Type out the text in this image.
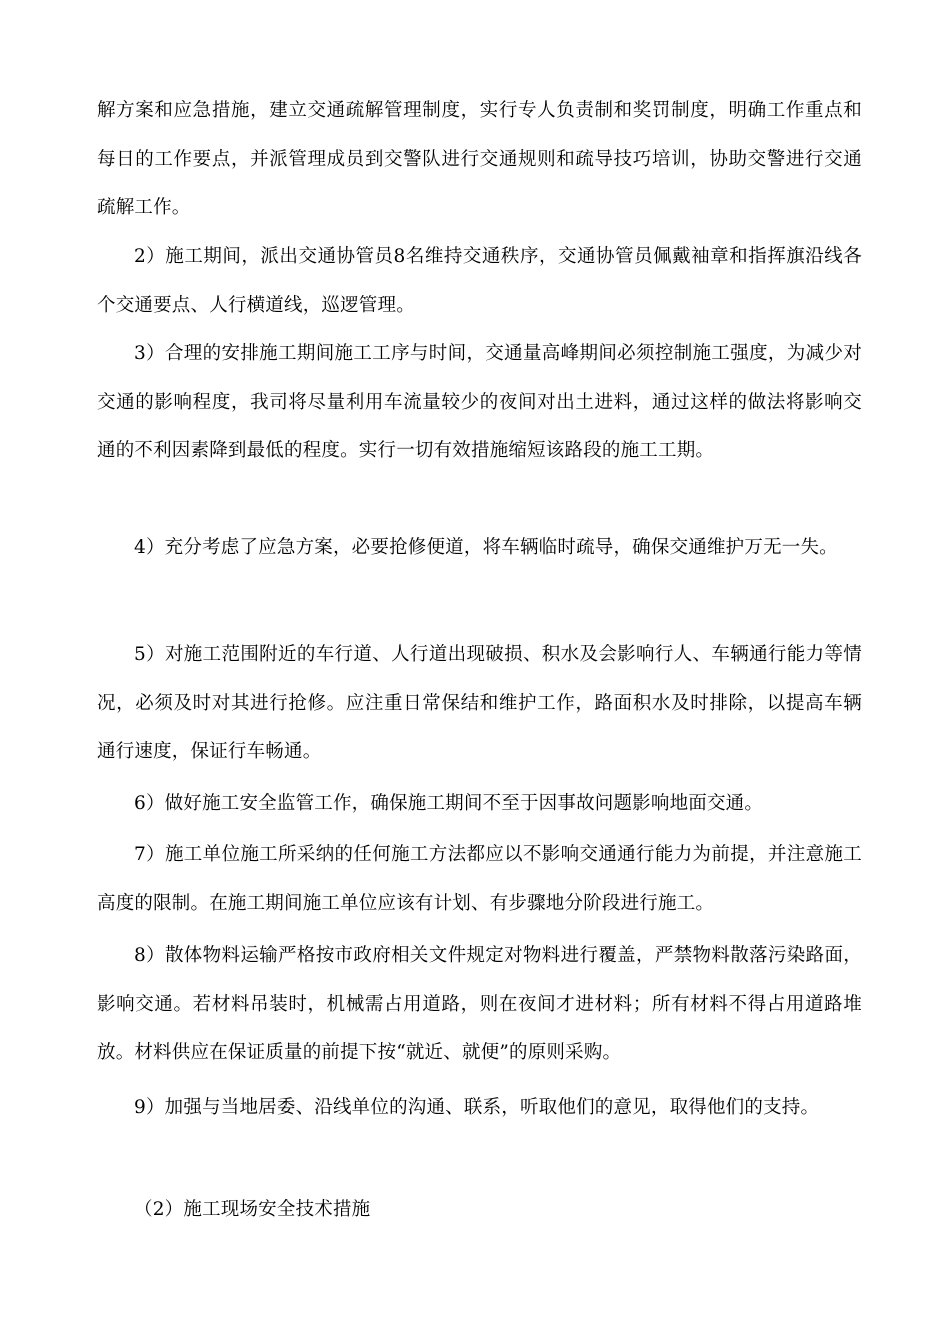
解方案和应急措施，建立交通疏解管理制度，实行专人负责制和奖罚制度，明确工作重点和每日的工作要点，并派管理成员到交警队进行交通规则和疏导技巧培训，协助交警进行交通疏解工作。

2）施工期间，派出交通协管员8名维持交通秩序，交通协管员佩戴袖章和指挥旗沿线各个交通要点、人行横道线，巡逻管理。

3）合理的安排施工期间施工工序与时间，交通量高峰期间必须控制施工强度，为减少对交通的影响程度，我司将尽量利用车流量较少的夜间对出土进料，通过这样的做法将影响交通的不利因素降到最低的程度。实行一切有效措施缩短该路段的施工工期。

4）充分考虑了应急方案，必要抢修便道，将车辆临时疏导，确保交通维护万无一失。

5）对施工范围附近的车行道、人行道出现破损、积水及会影响行人、车辆通行能力等情况，必须及时对其进行抢修。应注重日常保结和维护工作，路面积水及时排除，以提高车辆通行速度，保证行车畅通。

6）做好施工安全监管工作，确保施工期间不至于因事故问题影响地面交通。

7）施工单位施工所采纳的任何施工方法都应以不影响交通通行能力为前提，并注意施工高度的限制。在施工期间施工单位应该有计划、有步骤地分阶段进行施工。

8）散体物料运输严格按市政府相关文件规定对物料进行覆盖，严禁物料散落污染路面，影响交通。若材料吊装时，机械需占用道路，则在夜间才进材料；所有材料不得占用道路堆放。材料供应在保证质量的前提下按“就近、就便”的原则采购。

9）加强与当地居委、沿线单位的沟通、联系，听取他们的意见，取得他们的支持。

（2）施工现场安全技术措施
